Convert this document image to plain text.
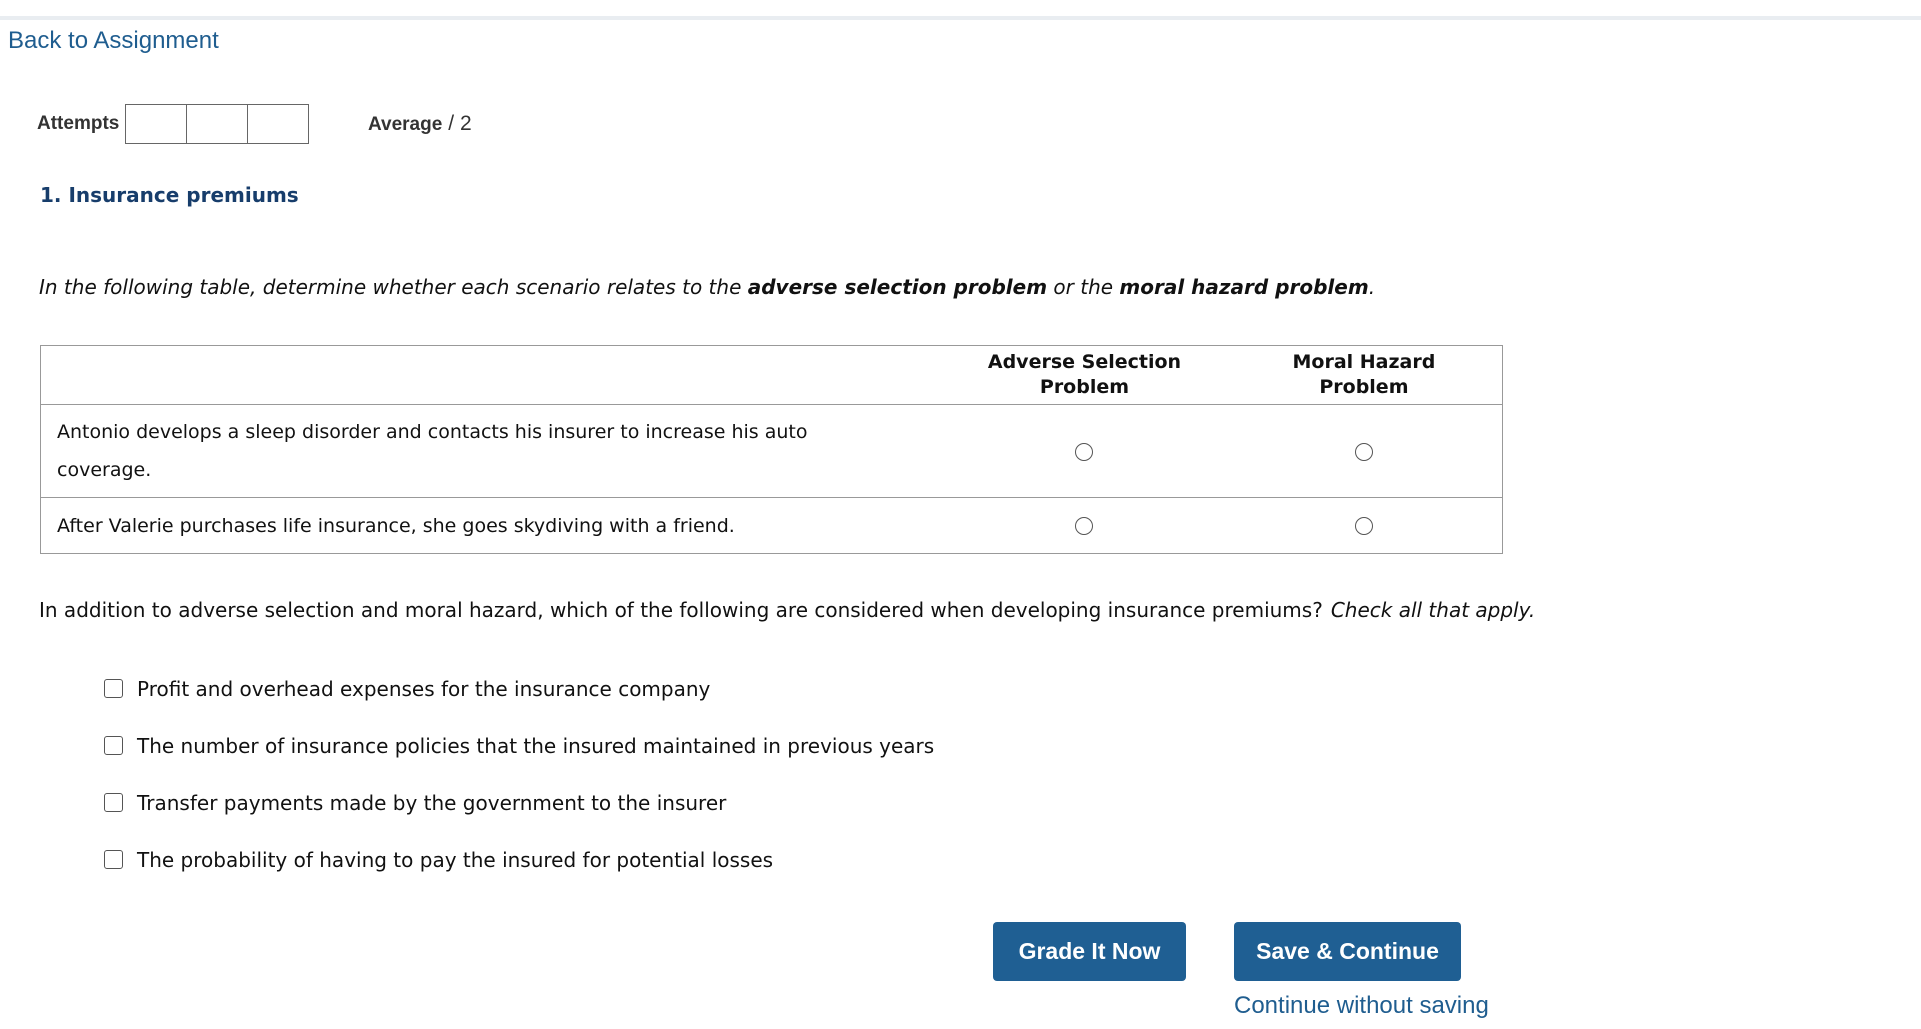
Back to Assignment
Attempts	Average / 2
1. Insurance premiums
In the following table, determine whether each scenario relates to the adverse selection problem or the moral hazard problem.
	Adverse Selection Problem	Moral Hazard Problem
Antonio develops a sleep disorder and contacts his insurer to increase his auto coverage.		
After Valerie purchases life insurance, she goes skydiving with a friend.		
In addition to adverse selection and moral hazard, which of the following are considered when developing insurance premiums? Check all that apply.
Profit and overhead expenses for the insurance company
The number of insurance policies that the insured maintained in previous years
Transfer payments made by the government to the insurer
The probability of having to pay the insured for potential losses
Grade It Now	Save & Continue
Continue without saving
